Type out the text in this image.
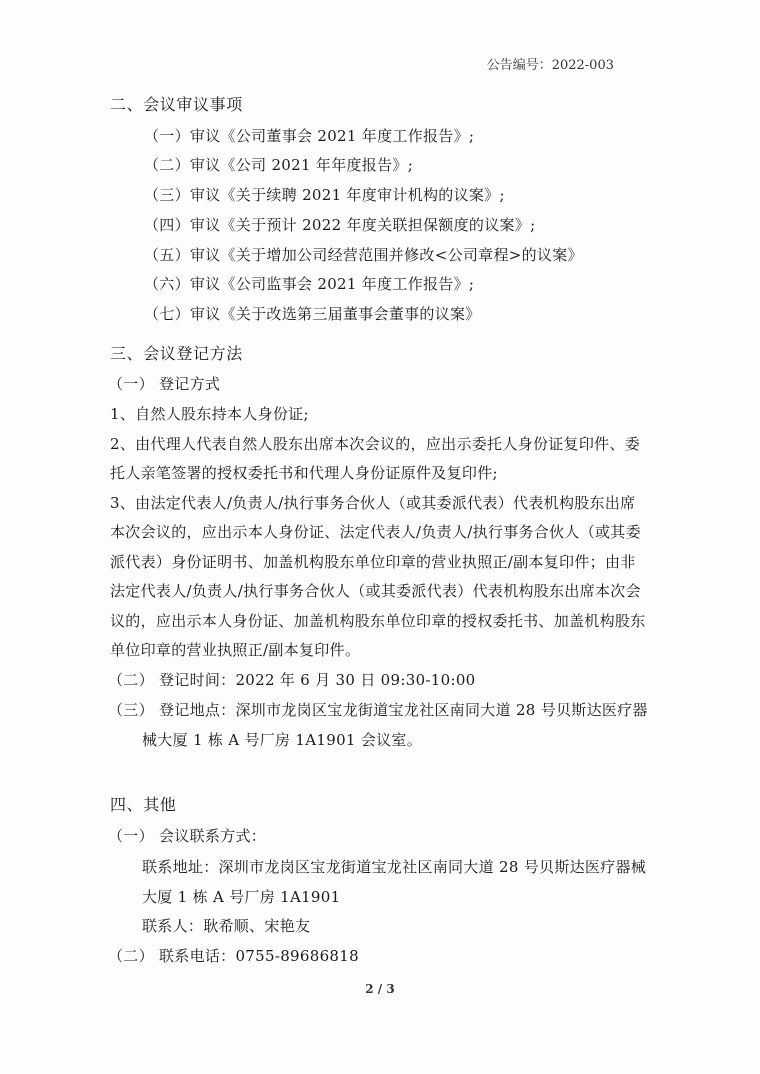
公告编号：2022-003
二、会议审议事项
（一）审议《公司董事会 2021 年度工作报告》;
（二）审议《公司 2021 年年度报告》;
（三）审议《关于续聘 2021 年度审计机构的议案》;
（四）审议《关于预计 2022 年度关联担保额度的议案》;
（五）审议《关于增加公司经营范围并修改<公司章程>的议案》
（六）审议《公司监事会 2021 年度工作报告》;
（七）审议《关于改选第三届董事会董事的议案》
三、会议登记方法
（一） 登记方式
1、自然人股东持本人身份证;
2、由代理人代表自然人股东出席本次会议的，应出示委托人身份证复印件、委
托人亲笔签署的授权委托书和代理人身份证原件及复印件;
3、由法定代表人/负责人/执行事务合伙人（或其委派代表）代表机构股东出席
本次会议的，应出示本人身份证、法定代表人/负责人/执行事务合伙人（或其委
派代表）身份证明书、加盖机构股东单位印章的营业执照正/副本复印件；由非
法定代表人/负责人/执行事务合伙人（或其委派代表）代表机构股东出席本次会
议的，应出示本人身份证、加盖机构股东单位印章的授权委托书、加盖机构股东
单位印章的营业执照正/副本复印件。
（二） 登记时间：2022 年 6 月 30 日 09:30-10:00
（三） 登记地点：深圳市龙岗区宝龙街道宝龙社区南同大道 28 号贝斯达医疗器
械大厦 1 栋 A 号厂房 1A1901 会议室。
四、其他
（一） 会议联系方式：
联系地址：深圳市龙岗区宝龙街道宝龙社区南同大道 28 号贝斯达医疗器械
大厦 1 栋 A 号厂房 1A1901
联系人：耿希顺、宋艳友
（二） 联系电话：0755-89686818
2 / 3
